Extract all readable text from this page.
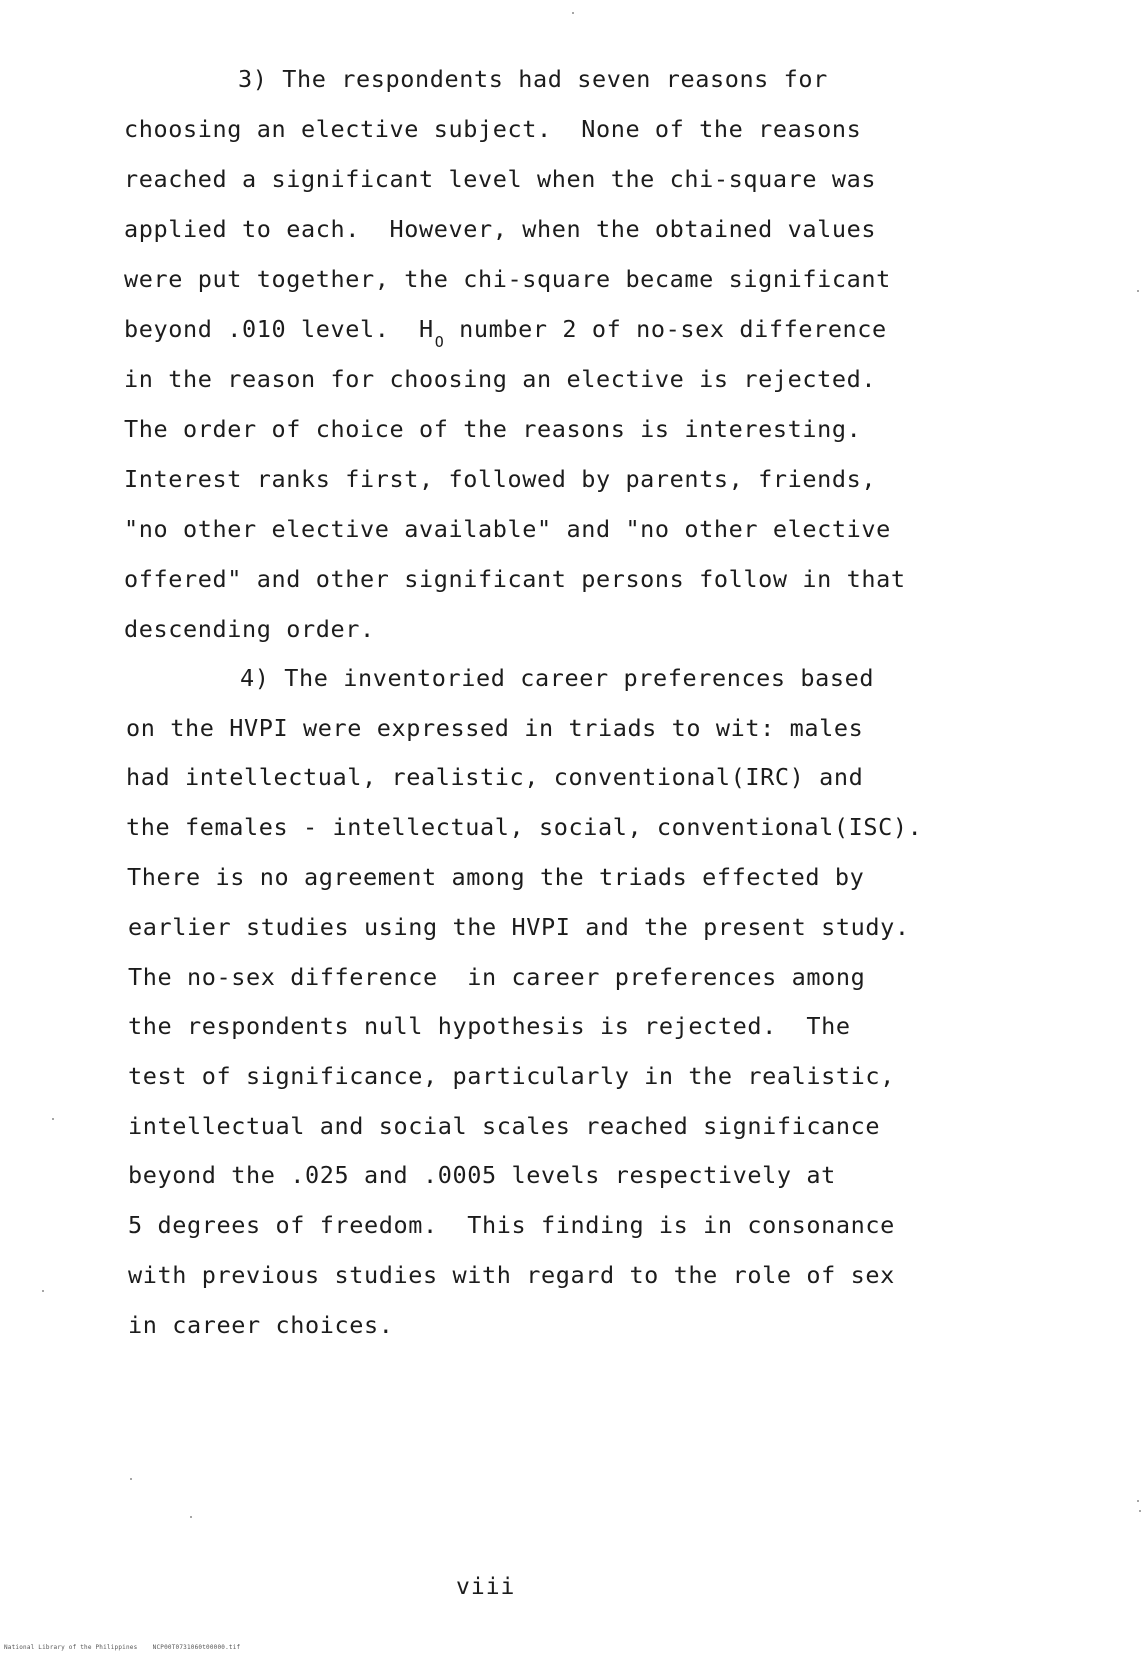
3) The respondents had seven reasons for
choosing an elective subject.  None of the reasons
reached a significant level when the chi-square was
applied to each.  However, when the obtained values
were put together, the chi-square became significant
beyond .010 level.  $H_O$ number 2 of no-sex difference
in the reason for choosing an elective is rejected.
The order of choice of the reasons is interesting.
Interest ranks first, followed by parents, friends,
"no other elective available" and "no other elective
offered" and other significant persons follow in that
descending order.
4) The inventoried career preferences based
on the HVPI were expressed in triads to wit: males
had intellectual, realistic, conventional(IRC) and
the females - intellectual, social, conventional(ISC).
There is no agreement among the triads effected by
earlier studies using the HVPI and the present study.
The no-sex difference  in career preferences among
the respondents null hypothesis is rejected.  The
test of significance, particularly in the realistic,
intellectual and social scales reached significance
beyond the .025 and .0005 levels respectively at
5 degrees of freedom.  This finding is in consonance
with previous studies with regard to the role of sex
in career choices.
viii
National Library of the Philippines    NCP00T0731060t00000.tif
